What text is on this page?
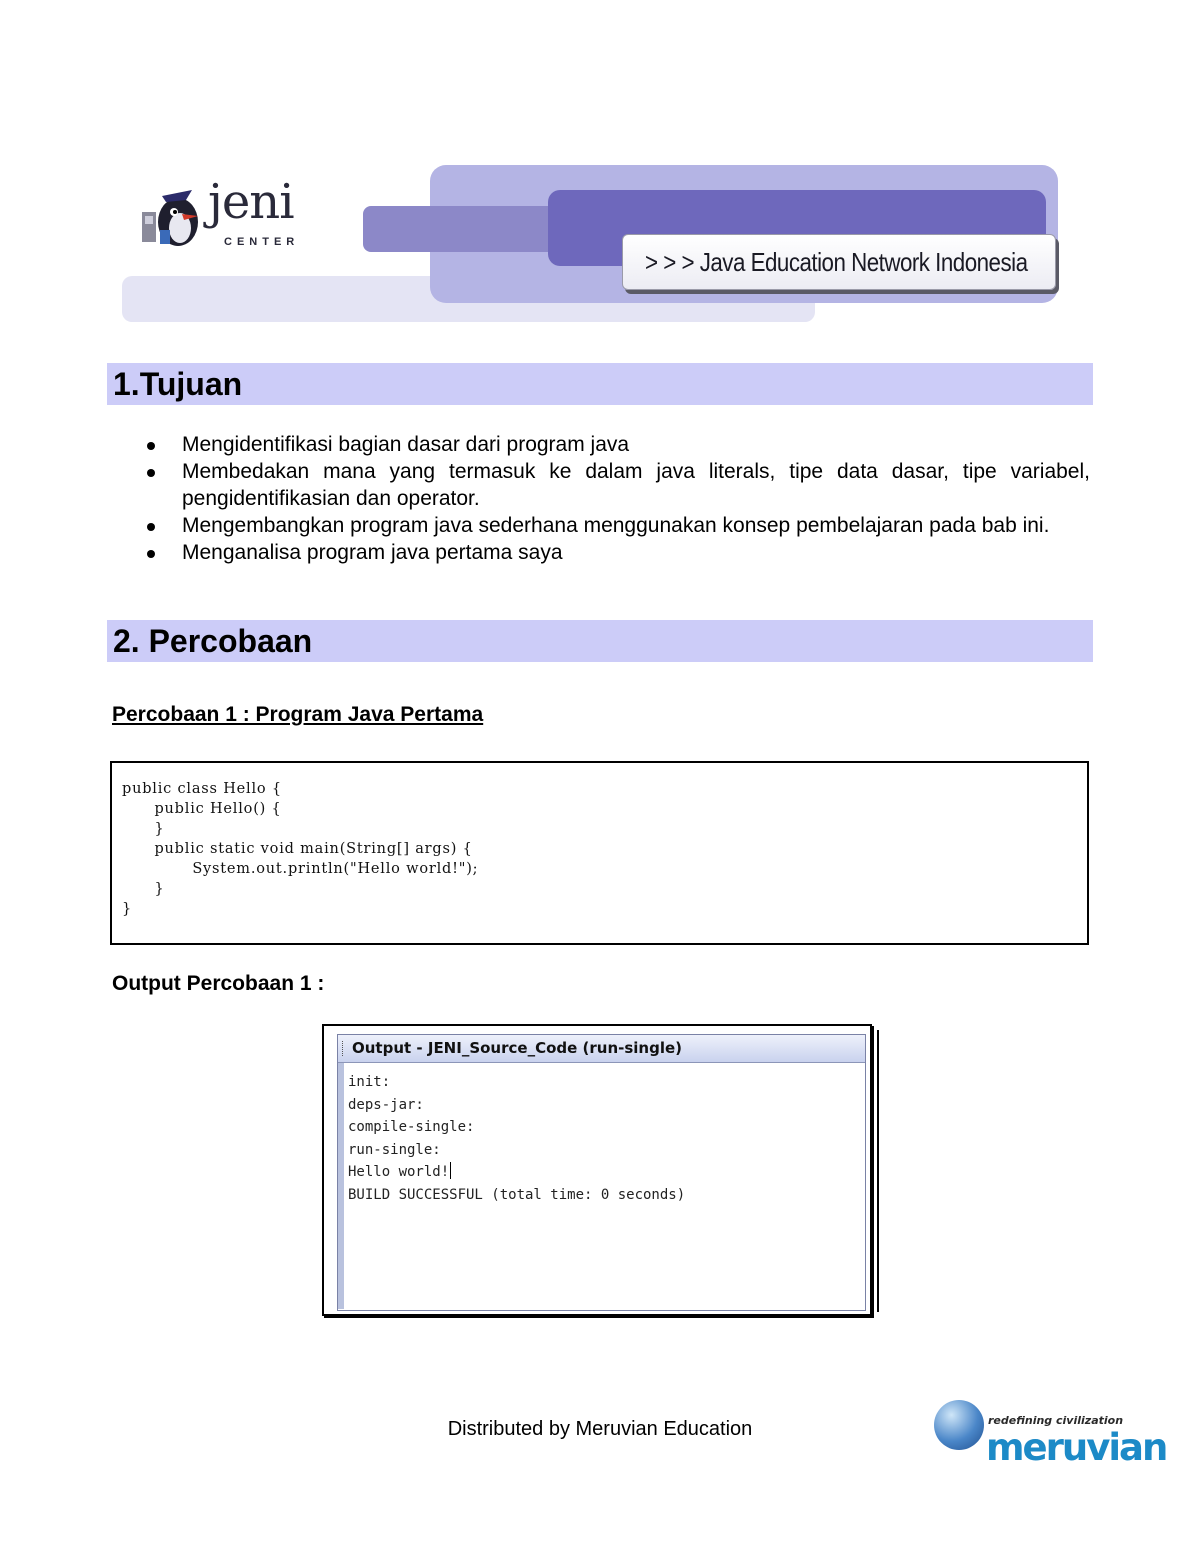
> > > Java Education Network Indonesia
jeni
CENTER
1.Tujuan
Mengidentifikasi bagian dasar dari program java
Membedakan mana yang termasuk ke dalam java literals, tipe data dasar, tipe variabel, pengidentifikasian dan operator.
Mengembangkan program java sederhana menggunakan konsep pembelajaran pada bab ini.
Menganalisa program java pertama saya
2. Percobaan
Percobaan 1 : Program Java Pertama
public class Hello {
public Hello() {
}
public static void main(String[] args) {
System.out.println("Hello world!");
}
}
Output Percobaan 1 :
Output - JENI_Source_Code (run-single)
init:
deps-jar:
compile-single:
run-single:
Hello world!
BUILD SUCCESSFUL (total time: 0 seconds)
Distributed by Meruvian Education	redefining civilization
meruvian
